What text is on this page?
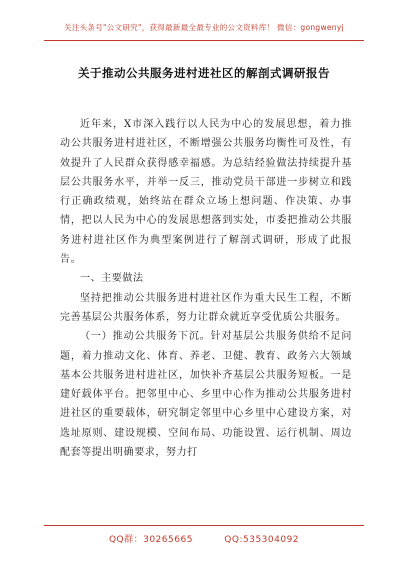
关注头条号"公文研究"，获得最新最全最专业的公文资料库！ 微信：gongwenyj
关于推动公共服务进村进社区的解剖式调研报告

近年来，X市深入践行以人民为中心的发展思想，着力推动公共服务进村进社区，不断增强公共服务均衡性可及性，有效提升了人民群众获得感幸福感。为总结经验做法持续提升基层公共服务水平，并举一反三，推动党员干部进一步树立和践行正确政绩观，始终站在群众立场上想问题、作决策、办事情，把以人民为中心的发展思想落到实处，市委把推动公共服务进村进社区作为典型案例进行了解剖式调研，形成了此报告。

一、主要做法

坚持把推动公共服务进村进社区作为重大民生工程，不断完善基层公共服务体系，努力让群众就近享受优质公共服务。

（一）推动公共服务下沉。针对基层公共服务供给不足问题，着力推动文化、体育、养老、卫健、教育、政务六大领域基本公共服务进村进社区，加快补齐基层公共服务短板。一是建好载体平台。把邻里中心、乡里中心作为推动公共服务进村进社区的重要载体，研究制定邻里中心乡里中心建设方案，对选址原则、建设规模、空间布局、功能设置、运行机制、周边配套等提出明确要求，努力打

QQ群：30265665	QQ:535304092
